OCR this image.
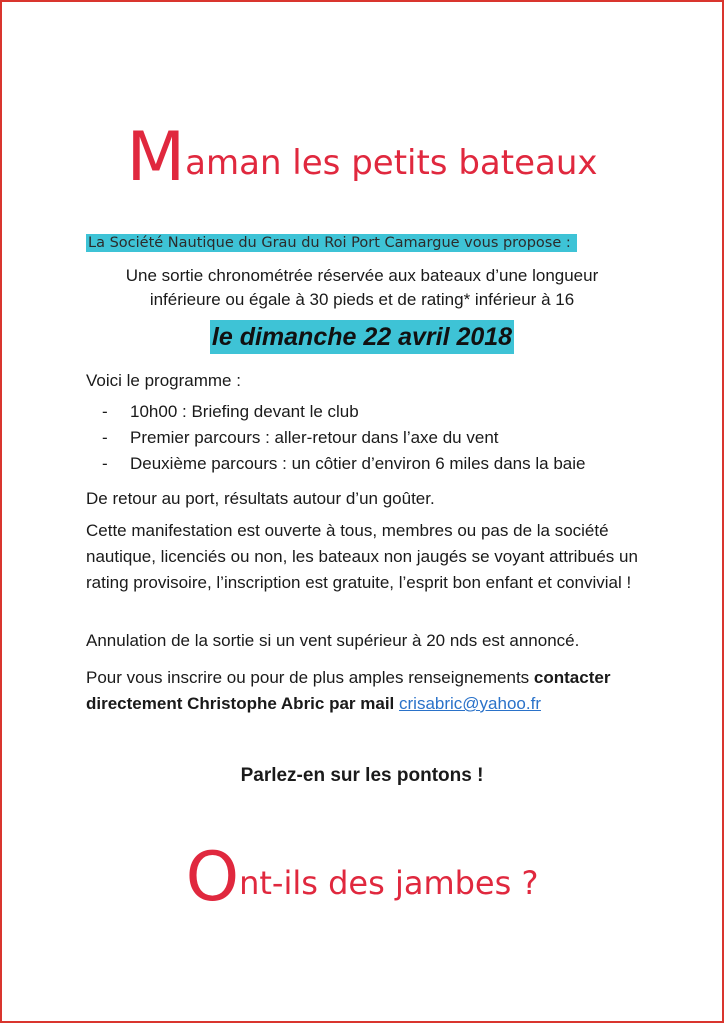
Maman les petits bateaux
La Société Nautique du Grau du Roi Port Camargue vous propose :
Une sortie chronométrée réservée aux bateaux d’une longueur
inférieure ou égale à 30 pieds et de rating* inférieur à 16
le dimanche 22 avril 2018
Voici le programme :
- 10h00 : Briefing devant le club
- Premier parcours : aller-retour dans l’axe du vent
- Deuxième parcours : un côtier d’environ 6 miles dans la baie
De retour au port, résultats autour d’un goûter.
Cette manifestation est ouverte à tous, membres ou pas de la société nautique, licenciés ou non, les bateaux non jaugés se voyant attribués un rating provisoire, l’inscription est gratuite, l’esprit bon enfant et convivial !
Annulation de la sortie si un vent supérieur à 20 nds est annoncé.
Pour vous inscrire ou pour de plus amples renseignements contacter directement Christophe Abric par mail crisabric@yahoo.fr
Parlez-en sur les pontons !
Ont-ils des jambes ?
